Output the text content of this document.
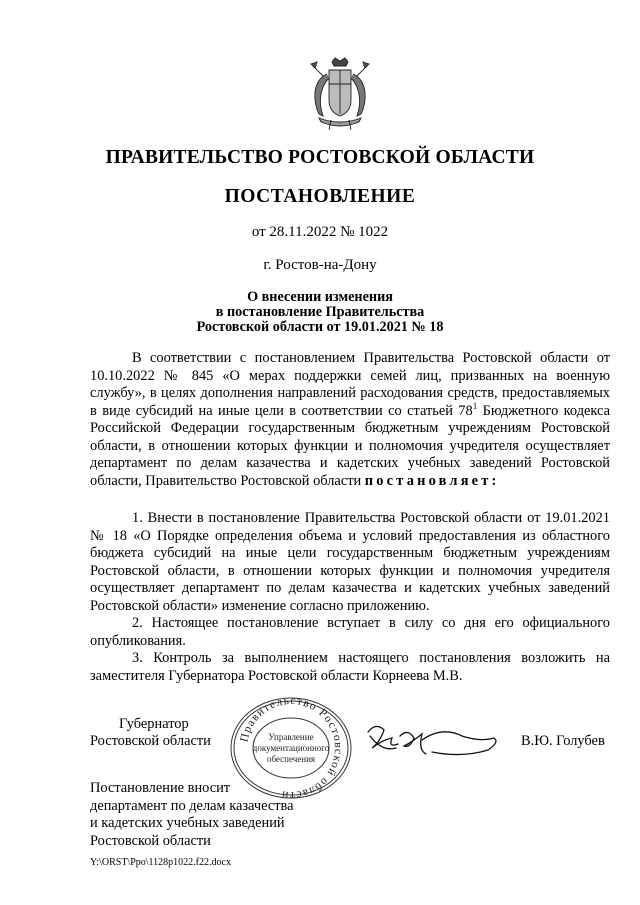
ПРАВИТЕЛЬСТВО РОСТОВСКОЙ ОБЛАСТИ
ПОСТАНОВЛЕНИЕ
от 28.11.2022 № 1022
г. Ростов-на-Дону
О внесении изменения
в постановление Правительства
Ростовской области от 19.01.2021 № 18

В соответствии с постановлением Правительства Ростовской области от 10.10.2022 № 845 «О мерах поддержки семей лиц, призванных на военную службу», в целях дополнения направлений расходования средств, предоставляемых в виде субсидий на иные цели в соответствии со статьей $78^1$ Бюджетного кодекса Российской Федерации государственным бюджетным учреждениям Ростовской области, в отношении которых функции и полномочия учредителя осуществляет департамент по делам казачества и кадетских учебных заведений Ростовской области, Правительство Ростовской области постановляет:

1. Внести в постановление Правительства Ростовской области от 19.01.2021 № 18 «О Порядке определения объема и условий предоставления из областного бюджета субсидий на иные цели государственным бюджетным учреждениям Ростовской области, в отношении которых функции и полномочия учредителя осуществляет департамент по делам казачества и кадетских учебных заведений Ростовской области» изменение согласно приложению.

2. Настоящее постановление вступает в силу со дня его официального опубликования.

3. Контроль за выполнением настоящего постановления возложить на заместителя Губернатора Ростовской области Корнеева М.В.

Губернатор
Ростовской области Правительство Ростовской области
Управление
документационного
обеспечения
В.Ю. Голубев
Постановление вносит
департамент по делам казачества
и кадетских учебных заведений
Ростовской области
Y:\ORST\Ppo\1128p1022.f22.docx
